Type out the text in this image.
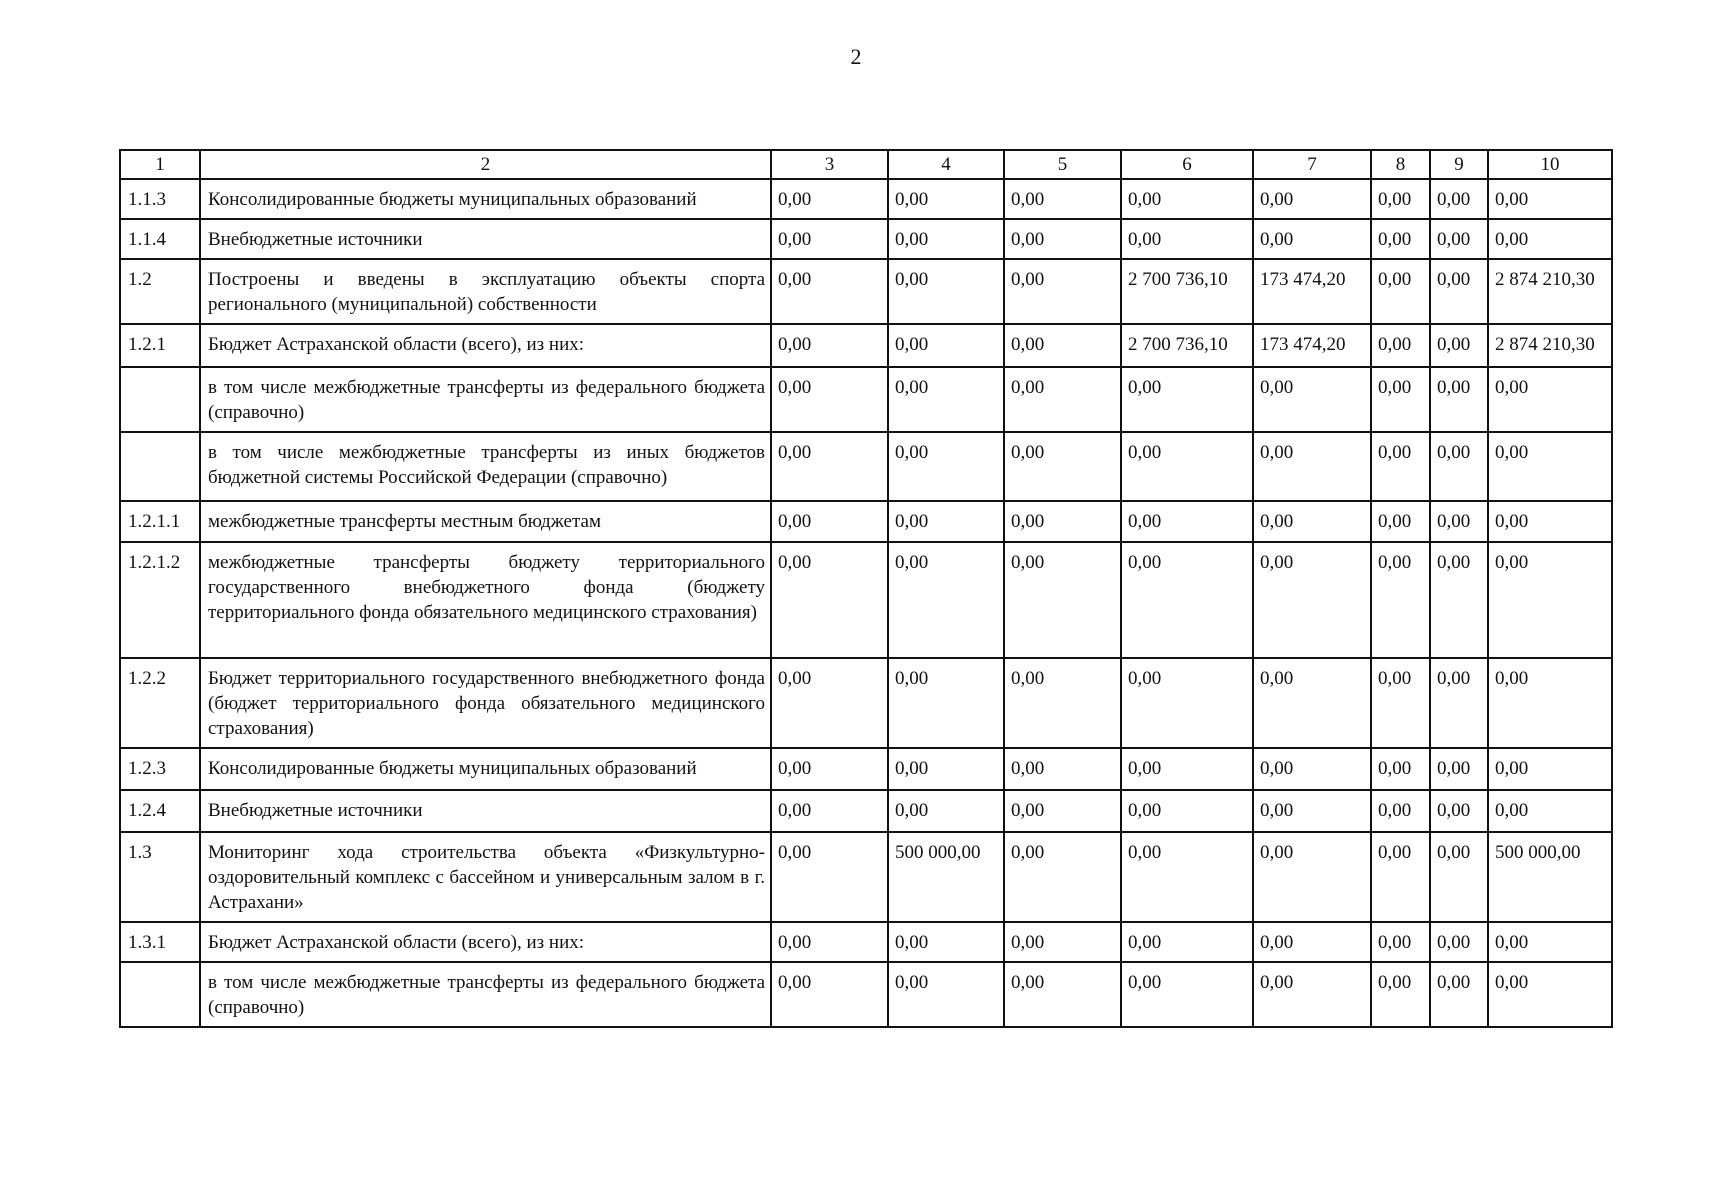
2
1	2	3	4	5	6	7	8	9	10
1.1.3	Консолидированные бюджеты муниципальных образований	0,00	0,00	0,00	0,00	0,00	0,00	0,00	0,00
1.1.4	Внебюджетные источники	0,00	0,00	0,00	0,00	0,00	0,00	0,00	0,00
1.2	Построены и введены в эксплуатацию объекты спорта регионального (муниципальной) собственности	0,00	0,00	0,00	2 700 736,10	173 474,20	0,00	0,00	2 874 210,30
1.2.1	Бюджет Астраханской области (всего), из них:	0,00	0,00	0,00	2 700 736,10	173 474,20	0,00	0,00	2 874 210,30
	в том числе межбюджетные трансферты из федерального бюджета (справочно)	0,00	0,00	0,00	0,00	0,00	0,00	0,00	0,00
	в том числе межбюджетные трансферты из иных бюджетов бюджетной системы Российской Федерации (справочно)	0,00	0,00	0,00	0,00	0,00	0,00	0,00	0,00
1.2.1.1	межбюджетные трансферты местным бюджетам	0,00	0,00	0,00	0,00	0,00	0,00	0,00	0,00
1.2.1.2	межбюджетные трансферты бюджету территориального государственного внебюджетного фонда (бюджету территориального фонда обязательного медицинского страхования)	0,00	0,00	0,00	0,00	0,00	0,00	0,00	0,00
1.2.2	Бюджет территориального государственного внебюджетного фонда (бюджет территориального фонда обязательного медицинского страхования)	0,00	0,00	0,00	0,00	0,00	0,00	0,00	0,00
1.2.3	Консолидированные бюджеты муниципальных образований	0,00	0,00	0,00	0,00	0,00	0,00	0,00	0,00
1.2.4	Внебюджетные источники	0,00	0,00	0,00	0,00	0,00	0,00	0,00	0,00
1.3	Мониторинг хода строительства объекта «Физкультурно-оздоровительный комплекс с бассейном и универсальным залом в г. Астрахани»	0,00	500 000,00	0,00	0,00	0,00	0,00	0,00	500 000,00
1.3.1	Бюджет Астраханской области (всего), из них:	0,00	0,00	0,00	0,00	0,00	0,00	0,00	0,00
	в том числе межбюджетные трансферты из федерального бюджета (справочно)	0,00	0,00	0,00	0,00	0,00	0,00	0,00	0,00
